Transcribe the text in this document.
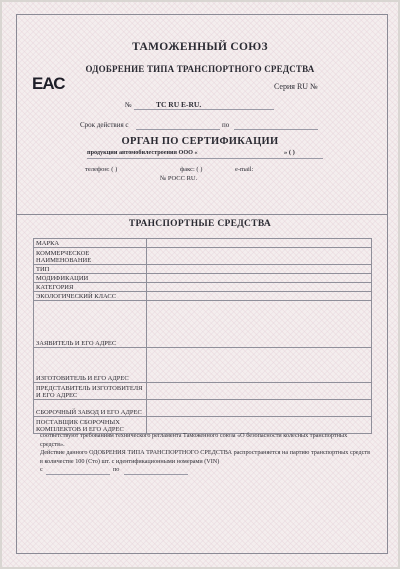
ТАМОЖЕННЫЙ СОЮЗ
ОДОБРЕНИЕ ТИПА ТРАНСПОРТНОГО СРЕДСТВА
ЕАС	Серия RU №
№	ТС RU E-RU.
Срок действия с	по
ОРГАН ПО СЕРТИФИКАЦИИ
продукции автомобилестроения ООО «	» ( )
телефон: ( )	факс: ( )	e-mail:
№ РОСС RU.
ТРАНСПОРТНЫЕ СРЕДСТВА
МАРКА	
КОММЕРЧЕСКОЕ НАИМЕНОВАНИЕ	
ТИП	
МОДИФИКАЦИИ	
КАТЕГОРИЯ	
ЭКОЛОГИЧЕСКИЙ КЛАСС	
ЗАЯВИТЕЛЬ И ЕГО АДРЕС	
ИЗГОТОВИТЕЛЬ И ЕГО АДРЕС	
ПРЕДСТАВИТЕЛЬ ИЗГОТОВИТЕЛЯ И ЕГО АДРЕС	
СБОРОЧНЫЙ ЗАВОД И ЕГО АДРЕС	
ПОСТАВЩИК СБОРОЧНЫХ КОМПЛЕКТОВ И ЕГО АДРЕС	
соответствуют требованиям технического регламента Таможенного союза «О безопасности колесных транспортных средств».
Действие данного ОДОБРЕНИЯ ТИПА ТРАНСПОРТНОГО СРЕДСТВА распространяется на партию транспортных средств в количестве 100 (Сто) шт. с идентификационными номерами (VIN)
с	по
